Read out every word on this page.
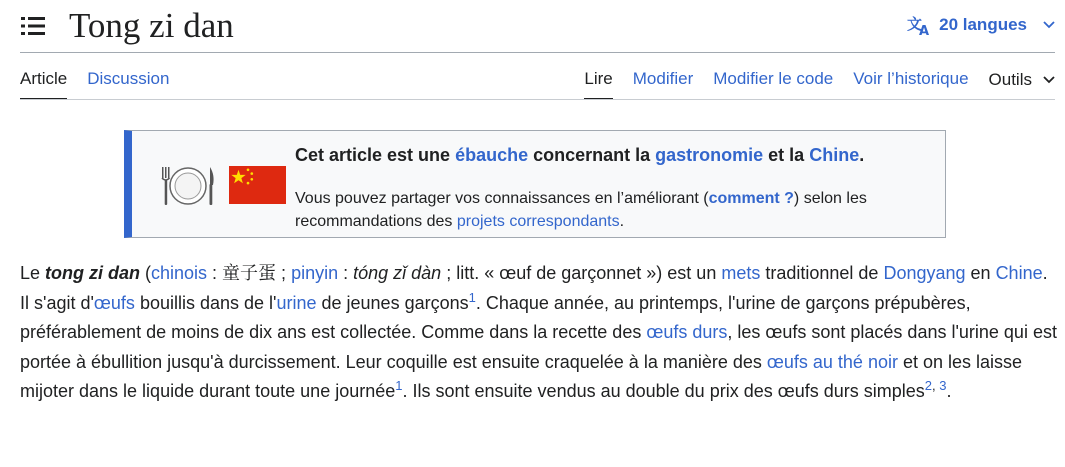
Tong zi dan	文
A 20 langues
Article Discussion	Lire Modifier Modifier le code Voir l’historique Outils
Cet article est une ébauche concernant la gastronomie et la Chine.
Vous pouvez partager vos connaissances en l’améliorant (comment ?) selon les recommandations des projets correspondants.

Le tong zi dan (chinois : 童子蛋 ; pinyin : tóng zǐ dàn ; litt. « œuf de garçonnet ») est un mets traditionnel de Dongyang en Chine. Il s'agit d'œufs bouillis dans de l'urine de jeunes garçons$^1$. Chaque année, au printemps, l'urine de garçons prépubères, préférablement de moins de dix ans est collectée. Comme dans la recette des œufs durs, les œufs sont placés dans l'urine qui est portée à ébullition jusqu'à durcissement. Leur coquille est ensuite craquelée à la manière des œufs au thé noir et on les laisse mijoter dans le liquide durant toute une journée$^1$. Ils sont ensuite vendus au double du prix des œufs durs simples$^{2, 3}$.
